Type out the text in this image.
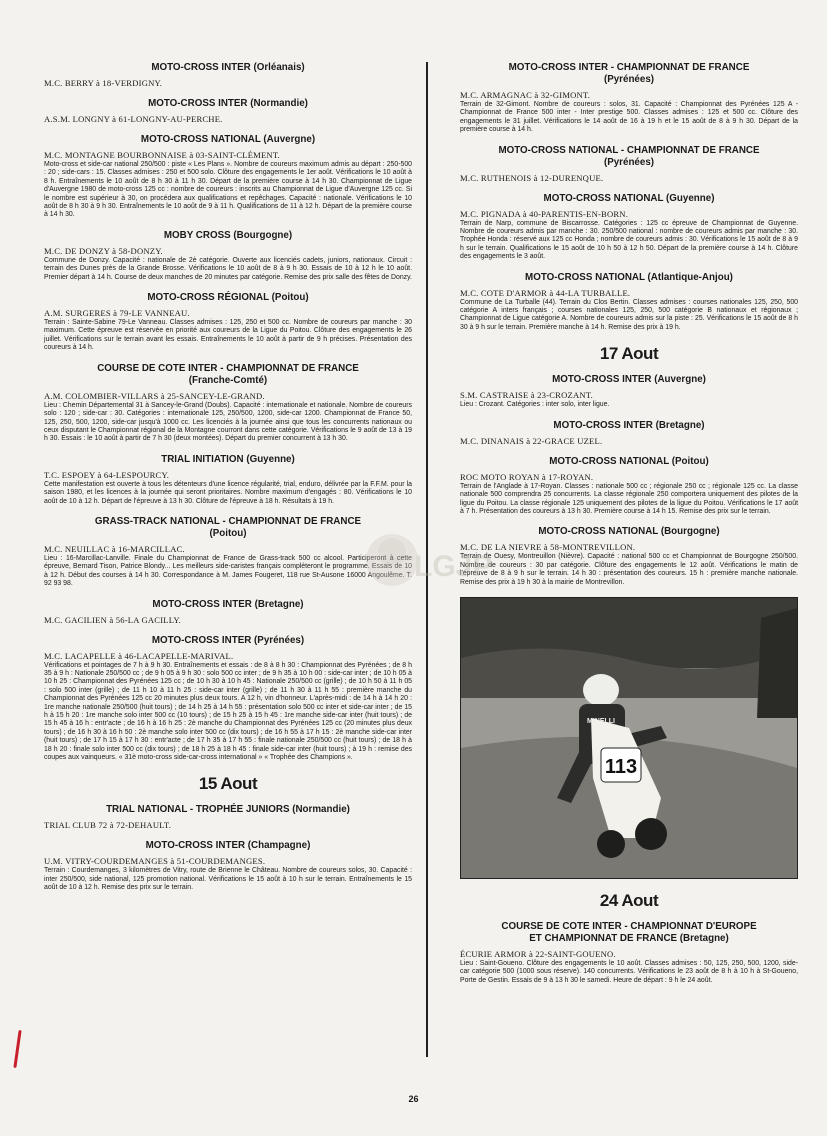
MOTO-CROSS INTER (Orléanais)
M.C. BERRY à 18-VERDIGNY.
MOTO-CROSS INTER (Normandie)
A.S.M. LONGNY à 61-LONGNY-AU-PERCHE.
MOTO-CROSS NATIONAL (Auvergne)
M.C. MONTAGNE BOURBONNAISE à 03-SAINT-CLÉMENT.

Moto-cross et side-car national 250/500 : piste « Les Plans ». Nombre de coureurs maximum admis au départ : 250-500 : 20 ; side-cars : 15. Classes admises : 250 et 500 solo. Clôture des engagements le 1er août. Vérifications le 10 août à 8 h. Entraînements le 10 août de 8 h 30 à 11 h 30. Départ de la première course à 14 h 30. Championnat de Ligue d'Auvergne 1980 de moto-cross 125 cc : nombre de coureurs : inscrits au Championnat de Ligue d'Auvergne 125 cc. Si le nombre est supérieur à 30, on procédera aux qualifications et repêchages. Capacité : nationale. Vérifications le 10 août de 8 h 30 à 9 h 30. Entraînements le 10 août de 9 à 11 h. Qualifications de 11 à 12 h. Départ de la première course à 14 h 30.

MOBY CROSS (Bourgogne)
M.C. DE DONZY à 58-DONZY.

Commune de Donzy. Capacité : nationale de 2è catégorie. Ouverte aux licenciés cadets, juniors, nationaux. Circuit : terrain des Dunes près de la Grande Brosse. Vérifications le 10 août de 8 à 9 h 30. Essais de 10 à 12 h le 10 août. Premier départ à 14 h. Course de deux manches de 20 minutes par catégorie. Remise des prix salle des fêtes de Donzy.

MOTO-CROSS RÉGIONAL (Poitou)
A.M. SURGERES à 79-LE VANNEAU.

Terrain : Sainte-Sabine 79-Le Vanneau. Classes admises : 125, 250 et 500 cc. Nombre de coureurs par manche : 30 maximum. Cette épreuve est réservée en priorité aux coureurs de la Ligue du Poitou. Clôture des engagements le 26 juillet. Vérifications sur le terrain avant les essais. Entraînements le 10 août à partir de 9 h précises. Présentation des coureurs à 14 h.

COURSE DE COTE INTER - CHAMPIONNAT DE FRANCE
(Franche-Comté)
A.M. COLOMBIER-VILLARS à 25-SANCEY-LE-GRAND.

Lieu : Chemin Départemental 31 à Sancey-le-Grand (Doubs). Capacité : internationale et nationale. Nombre de coureurs solo : 120 ; side-car : 30. Catégories : internationale 125, 250/500, 1200, side-car 1200. Championnat de France 50, 125, 250, 500, 1200, side-car jusqu'à 1000 cc. Les licenciés à la journée ainsi que tous les concurrents nationaux ou ceux disputant le Championnat régional de la Montagne courront dans cette catégorie. Vérifications le 9 août de 13 à 19 h 30. Essais : le 10 août à partir de 7 h 30 (deux montées). Départ du premier concurrent à 13 h 30.

TRIAL INITIATION (Guyenne)
T.C. ESPOEY à 64-LESPOURCY.

Cette manifestation est ouverte à tous les détenteurs d'une licence régularité, trial, enduro, délivrée par la F.F.M. pour la saison 1980, et les licences à la journée qui seront prioritaires. Nombre maximum d'engagés : 80. Vérifications le 10 août de 10 à 12 h. Départ de l'épreuve à 13 h 30. Clôture de l'épreuve à 18 h. Résultats à 19 h.

GRASS-TRACK NATIONAL - CHAMPIONNAT DE FRANCE
(Poitou)
M.C. NEUILLAC à 16-MARCILLAC.

Lieu : 16-Marcillac-Lanville. Finale du Championnat de France de Grass-track 500 cc alcool. Participeront à cette épreuve, Bernard Tison, Patrice Blondy... Les meilleurs side-caristes français compléteront le programme. Essais de 10 à 12 h. Début des courses à 14 h 30. Correspondance à M. James Fougeret, 118 rue St-Ausone 16000 Angoulême. T. 92 93 98.

MOTO-CROSS INTER (Bretagne)
M.C. GACILIEN à 56-LA GACILLY.
MOTO-CROSS INTER (Pyrénées)
M.C. LACAPELLE à 46-LACAPELLE-MARIVAL.

Vérifications et pointages de 7 h à 9 h 30. Entraînements et essais : de 8 à 8 h 30 : Championnat des Pyrénées ; de 8 h 35 à 9 h : Nationale 250/500 cc ; de 9 h 05 à 9 h 30 : solo 500 cc inter ; de 9 h 35 à 10 h 00 : side-car inter ; de 10 h 05 à 10 h 25 : Championnat des Pyrénées 125 cc ; de 10 h 30 à 10 h 45 : Nationale 250/500 cc (grille) ; de 10 h 50 à 11 h 05 : solo 500 inter (grille) ; de 11 h 10 à 11 h 25 : side-car inter (grille) ; de 11 h 30 à 11 h 55 : première manche du Championnat des Pyrénées 125 cc 20 minutes plus deux tours. A 12 h, vin d'honneur. L'après-midi : de 14 h à 14 h 20 : 1re manche nationale 250/500 (huit tours) ; de 14 h 25 à 14 h 55 : présentation solo 500 cc inter et side-car inter ; de 15 h à 15 h 20 : 1re manche solo inter 500 cc (10 tours) ; de 15 h 25 à 15 h 45 : 1re manche side-car inter (huit tours) ; de 15 h 45 à 16 h : entr'acte ; de 16 h à 16 h 25 : 2è manche du Championnat des Pyrénées 125 cc (20 minutes plus deux tours) ; de 16 h 30 à 16 h 50 : 2è manche solo inter 500 cc (dix tours) ; de 16 h 55 à 17 h 15 : 2è manche side-car inter (huit tours) ; de 17 h 15 à 17 h 30 : entr'acte ; de 17 h 35 à 17 h 55 : finale nationale 250/500 cc (huit tours) ; de 18 h à 18 h 20 : finale solo inter 500 cc (dix tours) ; de 18 h 25 à 18 h 45 : finale side-car inter (huit tours) ; à 19 h : remise des coupes aux vainqueurs. « 31è moto-cross side-car-cross international » « Trophée des Champions ».

15 Aout
TRIAL NATIONAL - TROPHÉE JUNIORS (Normandie)
TRIAL CLUB 72 à 72-DEHAULT.
MOTO-CROSS INTER (Champagne)
U.M. VITRY-COURDEMANGES à 51-COURDEMANGES.

Terrain : Courdemanges, 3 kilomètres de Vitry, route de Brienne le Château. Nombre de coureurs solos, 30. Capacité : inter 250/500, side national, 125 promotion national. Vérifications le 15 août à 10 h sur le terrain. Entraînements le 15 août de 10 à 12 h. Remise des prix sur le terrain.

MOTO-CROSS INTER - CHAMPIONNAT DE FRANCE
(Pyrénées)
M.C. ARMAGNAC à 32-GIMONT.

Terrain de 32-Gimont. Nombre de coureurs : solos, 31. Capacité : Championnat des Pyrénées 125 A - Championnat de France 500 inter - Inter prestige 500. Classes admises : 125 et 500 cc. Clôture des engagements le 31 juillet. Vérifications le 14 août de 16 à 19 h et le 15 août de 8 à 9 h 30. Départ de la première course à 14 h.

MOTO-CROSS NATIONAL - CHAMPIONNAT DE FRANCE
(Pyrénées)
M.C. RUTHENOIS à 12-DURENQUE.
MOTO-CROSS NATIONAL (Guyenne)
M.C. PIGNADA à 40-PARENTIS-EN-BORN.

Terrain de Narp, commune de Biscarrosse. Catégories : 125 cc épreuve de Championnat de Guyenne. Nombre de coureurs admis par manche : 30. 250/500 national : nombre de coureurs admis par manche : 30. Trophée Honda : réservé aux 125 cc Honda ; nombre de coureurs admis : 30. Vérifications le 15 août de 8 à 9 h sur le terrain. Qualifications le 15 août de 10 h 50 à 12 h 50. Départ de la première course à 14 h. Clôture des engagements le 3 août.

MOTO-CROSS NATIONAL (Atlantique-Anjou)
M.C. COTE D'ARMOR à 44-LA TURBALLE.

Commune de La Turballe (44). Terrain du Clos Bertin. Classes admises : courses nationales 125, 250, 500 catégorie A inters français ; courses nationales 125, 250, 500 catégorie B nationaux et régionaux ; Championnat de Ligue catégorie A. Nombre de coureurs admis sur la piste : 25. Vérifications le 15 août de 8 h 30 à 9 h sur le terrain. Première manche à 14 h. Remise des prix à 19 h.

17 Aout
MOTO-CROSS INTER (Auvergne)
S.M. CASTRAISE à 23-CROZANT.

Lieu : Crozant. Catégories : inter solo, inter ligue.

MOTO-CROSS INTER (Bretagne)
M.C. DINANAIS à 22-GRACE UZEL.
MOTO-CROSS NATIONAL (Poitou)
ROC MOTO ROYAN à 17-ROYAN.

Terrain de l'Anglade à 17-Royan. Classes : nationale 500 cc ; régionale 250 cc ; régionale 125 cc. La classe nationale 500 comprendra 25 concurrents. La classe régionale 250 comportera uniquement des pilotes de la ligue du Poitou. La classe régionale 125 uniquement des pilotes de la ligue du Poitou. Vérifications le 17 août à 7 h. Présentation des coureurs à 13 h 30. Première course à 14 h 15. Remise des prix sur le terrain.

MOTO-CROSS NATIONAL (Bourgogne)
M.C. DE LA NIEVRE à 58-MONTREVILLON.

Terrain de Ouesy, Montreuillon (Nièvre). Capacité : national 500 cc et Championnat de Bourgogne 250/500. Nombre de coureurs : 30 par catégorie. Clôture des engagements le 12 août. Vérifications le matin de l'épreuve de 8 à 9 h sur le terrain. 14 h 30 : présentation des coureurs. 15 h : première manche nationale. Remise des prix à 19 h 30 à la mairie de Montrevillon.

113
MINELLI
24 Aout
COURSE DE COTE INTER - CHAMPIONNAT D'EUROPE
ET CHAMPIONNAT DE FRANCE (Bretagne)
ÉCURIE ARMOR à 22-SAINT-GOUENO.

Lieu : Saint-Goueno. Clôture des engagements le 10 août. Classes admises : 50, 125, 250, 500, 1200, side-car catégorie 500 (1000 sous réserve). 140 concurrents. Vérifications le 23 août de 8 h à 10 h à St-Goueno, Porte de Gestin. Essais de 9 à 13 h 30 le samedi. Heure de départ : 9 h le 24 août.

LGJP
26
